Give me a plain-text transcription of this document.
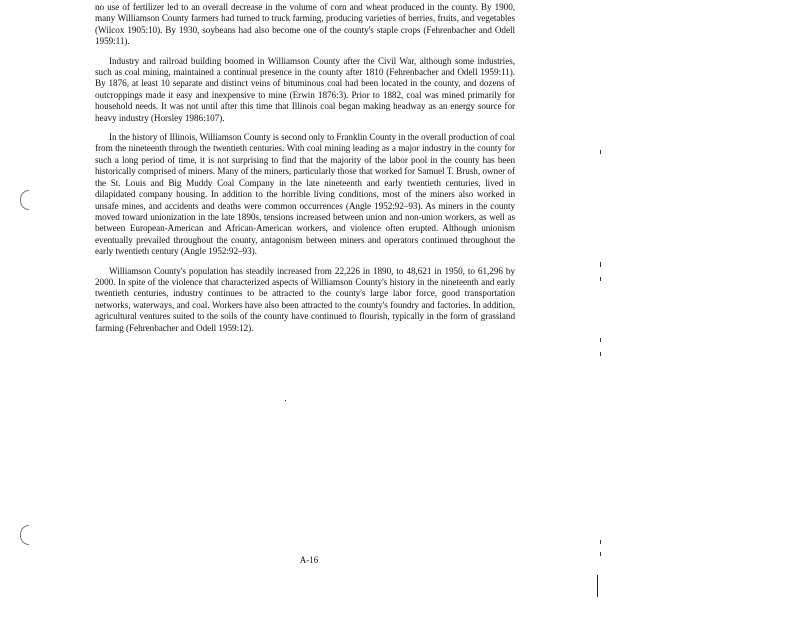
no use of fertilizer led to an overall decrease in the volume of corn and wheat produced in the county. By 1900, many Williamson County farmers had turned to truck farming, producing varieties of berries, fruits, and vegetables (Wilcox 1905:10). By 1930, soybeans had also become one of the county's staple crops (Fehrenbacher and Odell 1959:11).

Industry and railroad building boomed in Williamson County after the Civil War, although some industries, such as coal mining, maintained a continual presence in the county after 1810 (Fehrenbacher and Odell 1959:11). By 1876, at least 10 separate and distinct veins of bituminous coal had been located in the county, and dozens of outcroppings made it easy and inexpensive to mine (Erwin 1876:3). Prior to 1882, coal was mined primarily for household needs. It was not until after this time that Illinois coal began making headway as an energy source for heavy industry (Horsley 1986:107).

In the history of Illinois, Williamson County is second only to Franklin County in the overall production of coal from the nineteenth through the twentieth centuries. With coal mining leading as a major industry in the county for such a long period of time, it is not surprising to find that the majority of the labor pool in the county has been historically comprised of miners. Many of the miners, particularly those that worked for Samuel T. Brush, owner of the St. Louis and Big Muddy Coal Company in the late nineteenth and early twentieth centuries, lived in dilapidated company housing. In addition to the horrible living conditions, most of the miners also worked in unsafe mines, and accidents and deaths were common occurrences (Angle 1952:92–93). As miners in the county moved toward unionization in the late 1890s, tensions increased between union and non-union workers, as well as between European-American and African-American workers, and violence often erupted. Although unionism eventually prevailed throughout the county, antagonism between miners and operators continued throughout the early twentieth century (Angle 1952:92–93).

Williamson County's population has steadily increased from 22,226 in 1890, to 48,621 in 1950, to 61,296 by 2000. In spite of the violence that characterized aspects of Williamson County's history in the nineteenth and early twentieth centuries, industry continues to be attracted to the county's large labor force, good transportation networks, waterways, and coal. Workers have also been attracted to the county's foundry and factories. In addition, agricultural ventures suited to the soils of the county have continued to flourish, typically in the form of grassland farming (Fehrenbacher and Odell 1959:12).

A-16
